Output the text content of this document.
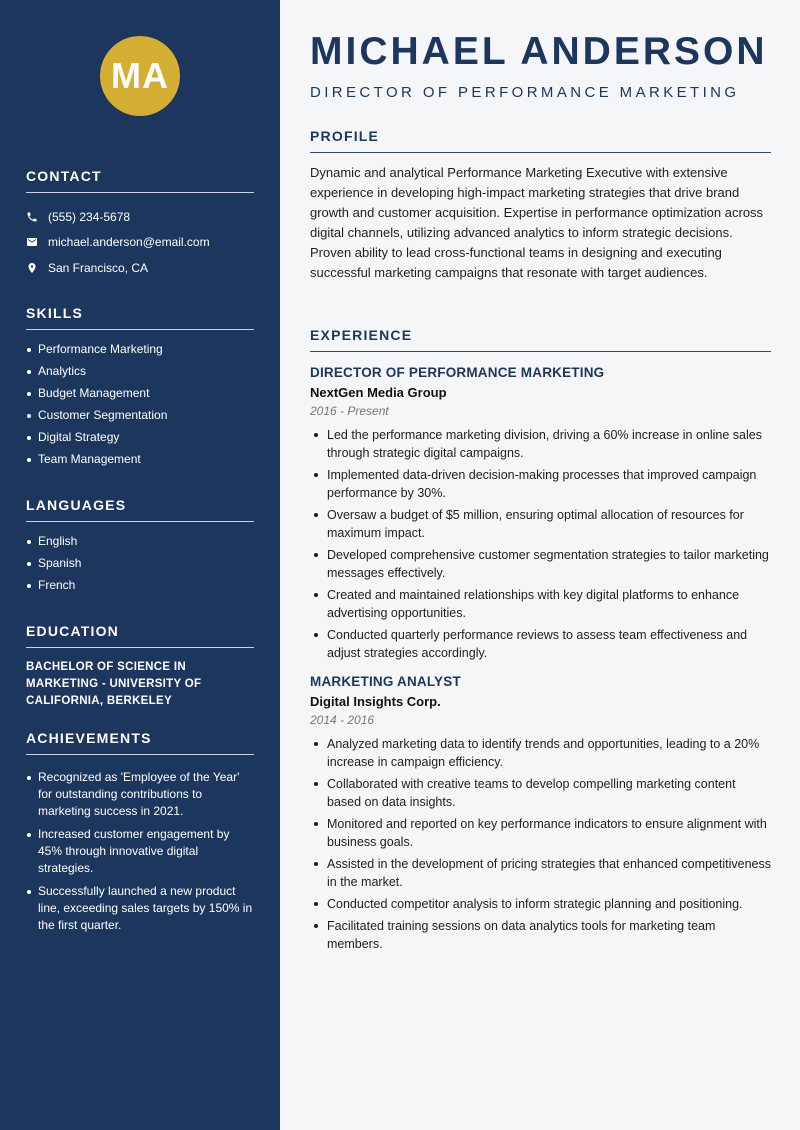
MA
CONTACT
(555) 234-5678
michael.anderson@email.com
San Francisco, CA
SKILLS
Performance Marketing
Analytics
Budget Management
Customer Segmentation
Digital Strategy
Team Management
LANGUAGES
English
Spanish
French
EDUCATION
BACHELOR OF SCIENCE IN MARKETING - UNIVERSITY OF CALIFORNIA, BERKELEY
ACHIEVEMENTS
Recognized as 'Employee of the Year' for outstanding contributions to marketing success in 2021.
Increased customer engagement by 45% through innovative digital strategies.
Successfully launched a new product line, exceeding sales targets by 150% in the first quarter.
MICHAEL ANDERSON
DIRECTOR OF PERFORMANCE MARKETING
PROFILE
Dynamic and analytical Performance Marketing Executive with extensive experience in developing high-impact marketing strategies that drive brand growth and customer acquisition. Expertise in performance optimization across digital channels, utilizing advanced analytics to inform strategic decisions. Proven ability to lead cross-functional teams in designing and executing successful marketing campaigns that resonate with target audiences.
EXPERIENCE
DIRECTOR OF PERFORMANCE MARKETING
NextGen Media Group
2016 - Present
Led the performance marketing division, driving a 60% increase in online sales through strategic digital campaigns.
Implemented data-driven decision-making processes that improved campaign performance by 30%.
Oversaw a budget of $5 million, ensuring optimal allocation of resources for maximum impact.
Developed comprehensive customer segmentation strategies to tailor marketing messages effectively.
Created and maintained relationships with key digital platforms to enhance advertising opportunities.
Conducted quarterly performance reviews to assess team effectiveness and adjust strategies accordingly.
MARKETING ANALYST
Digital Insights Corp.
2014 - 2016
Analyzed marketing data to identify trends and opportunities, leading to a 20% increase in campaign efficiency.
Collaborated with creative teams to develop compelling marketing content based on data insights.
Monitored and reported on key performance indicators to ensure alignment with business goals.
Assisted in the development of pricing strategies that enhanced competitiveness in the market.
Conducted competitor analysis to inform strategic planning and positioning.
Facilitated training sessions on data analytics tools for marketing team members.
